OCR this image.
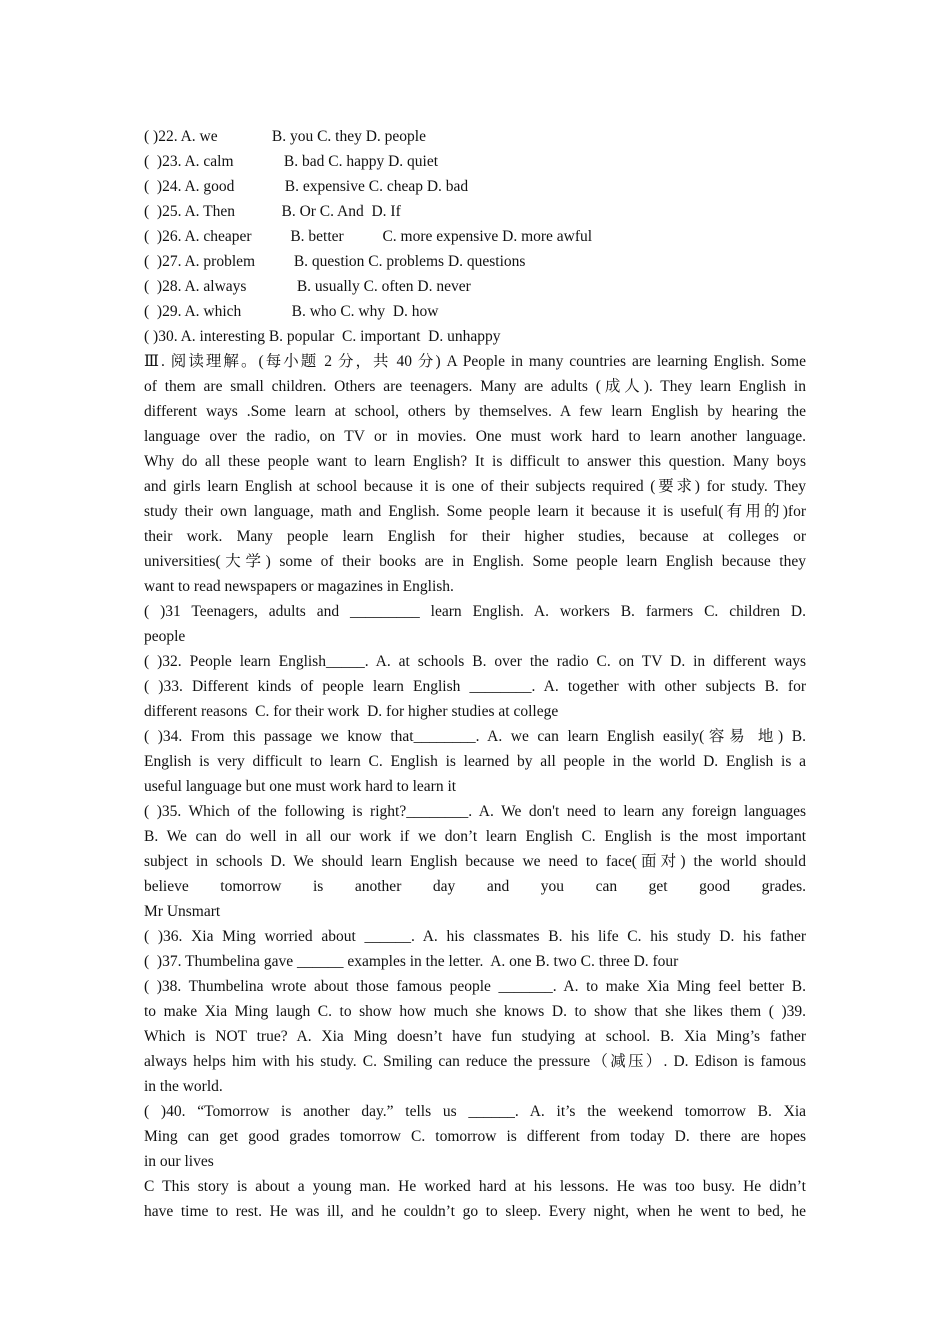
( )22. A. we              B. you C. they D. people
(  )23. A. calm             B. bad C. happy D. quiet
(  )24. A. good             B. expensive C. cheap D. bad
(  )25. A. Then            B. Or C. And  D. If
(  )26. A. cheaper          B. better          C. more expensive D. more awful
(  )27. A. problem          B. question C. problems D. questions
(  )28. A. always             B. usually C. often D. never
(  )29. A. which             B. who C. why  D. how
( )30. A. interesting B. popular  C. important  D. unhappy
Ⅲ. 阅读理解。(每小题 2 分，共 40 分) A People in many countries are learning English. Some
of them are small children. Others are teenagers. Many are adults (成人). They learn English in
different ways .Some learn at school, others by themselves. A few learn English by hearing the
language over the radio, on TV or in movies. One must work hard to learn another language.
Why do all these people want to learn English? It is difficult to answer this question. Many boys
and girls learn English at school because it is one of their subjects required (要求) for study. They
study their own language, math and English. Some people learn it because it is useful(有用的)for
their work. Many people learn English for their higher studies, because at colleges or
universities(大学) some of their books are in English. Some people learn English because they
want to read newspapers or magazines in English.
( )31 Teenagers, adults and _________ learn English. A. workers B. farmers C. children D.
people
( )32. People learn English_____. A. at schools B. over the radio C. on TV D. in different ways
( )33. Different kinds of people learn English ________. A. together with other subjects B. for
different reasons  C. for their work  D. for higher studies at college
( )34. From this passage we know that________. A. we can learn English easily(容易 地) B.
English is very difficult to learn C. English is learned by all people in the world D. English is a
useful language but one must work hard to learn it
( )35. Which of the following is right?________. A. We don't need to learn any foreign languages
B. We can do well in all our work if we don’t learn English C. English is the most important
subject in schools D. We should learn English because we need to face(面对) the world should
believe tomorrow is another day and you can get good grades.
Mr Unsmart
( )36. Xia Ming worried about ______. A. his classmates B. his life C. his study D. his father
(  )37. Thumbelina gave ______ examples in the letter.  A. one B. two C. three D. four
( )38. Thumbelina wrote about those famous people _______. A. to make Xia Ming feel better B.
to make Xia Ming laugh C. to show how much she knows D. to show that she likes them ( )39.
Which is NOT true? A. Xia Ming doesn’t have fun studying at school. B. Xia Ming’s father
always helps him with his study. C. Smiling can reduce the pressure（减压）. D. Edison is famous
in the world.
( )40. “Tomorrow is another day.” tells us ______. A. it’s the weekend tomorrow B. Xia
Ming can get good grades tomorrow C. tomorrow is different from today D. there are hopes
in our lives
C This story is about a young man. He worked hard at his lessons. He was too busy. He didn’t
have time to rest. He was ill, and he couldn’t go to sleep. Every night, when he went to bed, he
